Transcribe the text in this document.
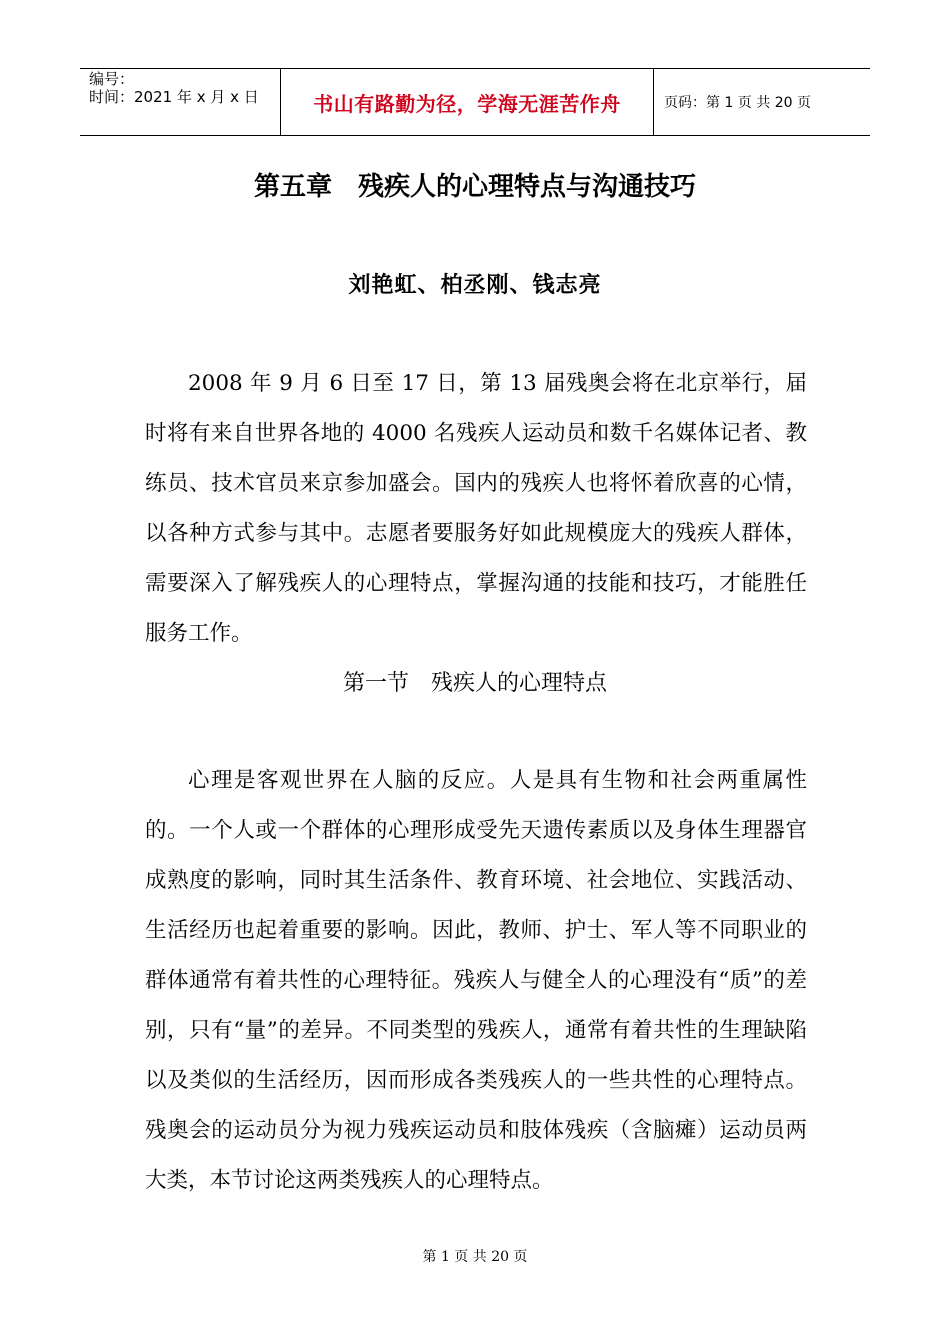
编号：
时间：2021 年 x 月 x 日	书山有路勤为径，学海无涯苦作舟	页码：第 1 页 共 20 页
第五章　残疾人的心理特点与沟通技巧
刘艳虹、柏丞刚、钱志亮

2008 年 9 月 6 日至 17 日，第 13 届残奥会将在北京举行，届时将有来自世界各地的 4000 名残疾人运动员和数千名媒体记者、教练员、技术官员来京参加盛会。国内的残疾人也将怀着欣喜的心情，以各种方式参与其中。志愿者要服务好如此规模庞大的残疾人群体，需要深入了解残疾人的心理特点，掌握沟通的技能和技巧，才能胜任服务工作。

第一节　残疾人的心理特点

心理是客观世界在人脑的反应。人是具有生物和社会两重属性的。一个人或一个群体的心理形成受先天遗传素质以及身体生理器官成熟度的影响，同时其生活条件、教育环境、社会地位、实践活动、生活经历也起着重要的影响。因此，教师、护士、军人等不同职业的群体通常有着共性的心理特征。残疾人与健全人的心理没有“质”的差别，只有“量”的差异。不同类型的残疾人，通常有着共性的生理缺陷以及类似的生活经历，因而形成各类残疾人的一些共性的心理特点。残奥会的运动员分为视力残疾运动员和肢体残疾（含脑瘫）运动员两大类，本节讨论这两类残疾人的心理特点。

第 1 页 共 20 页
